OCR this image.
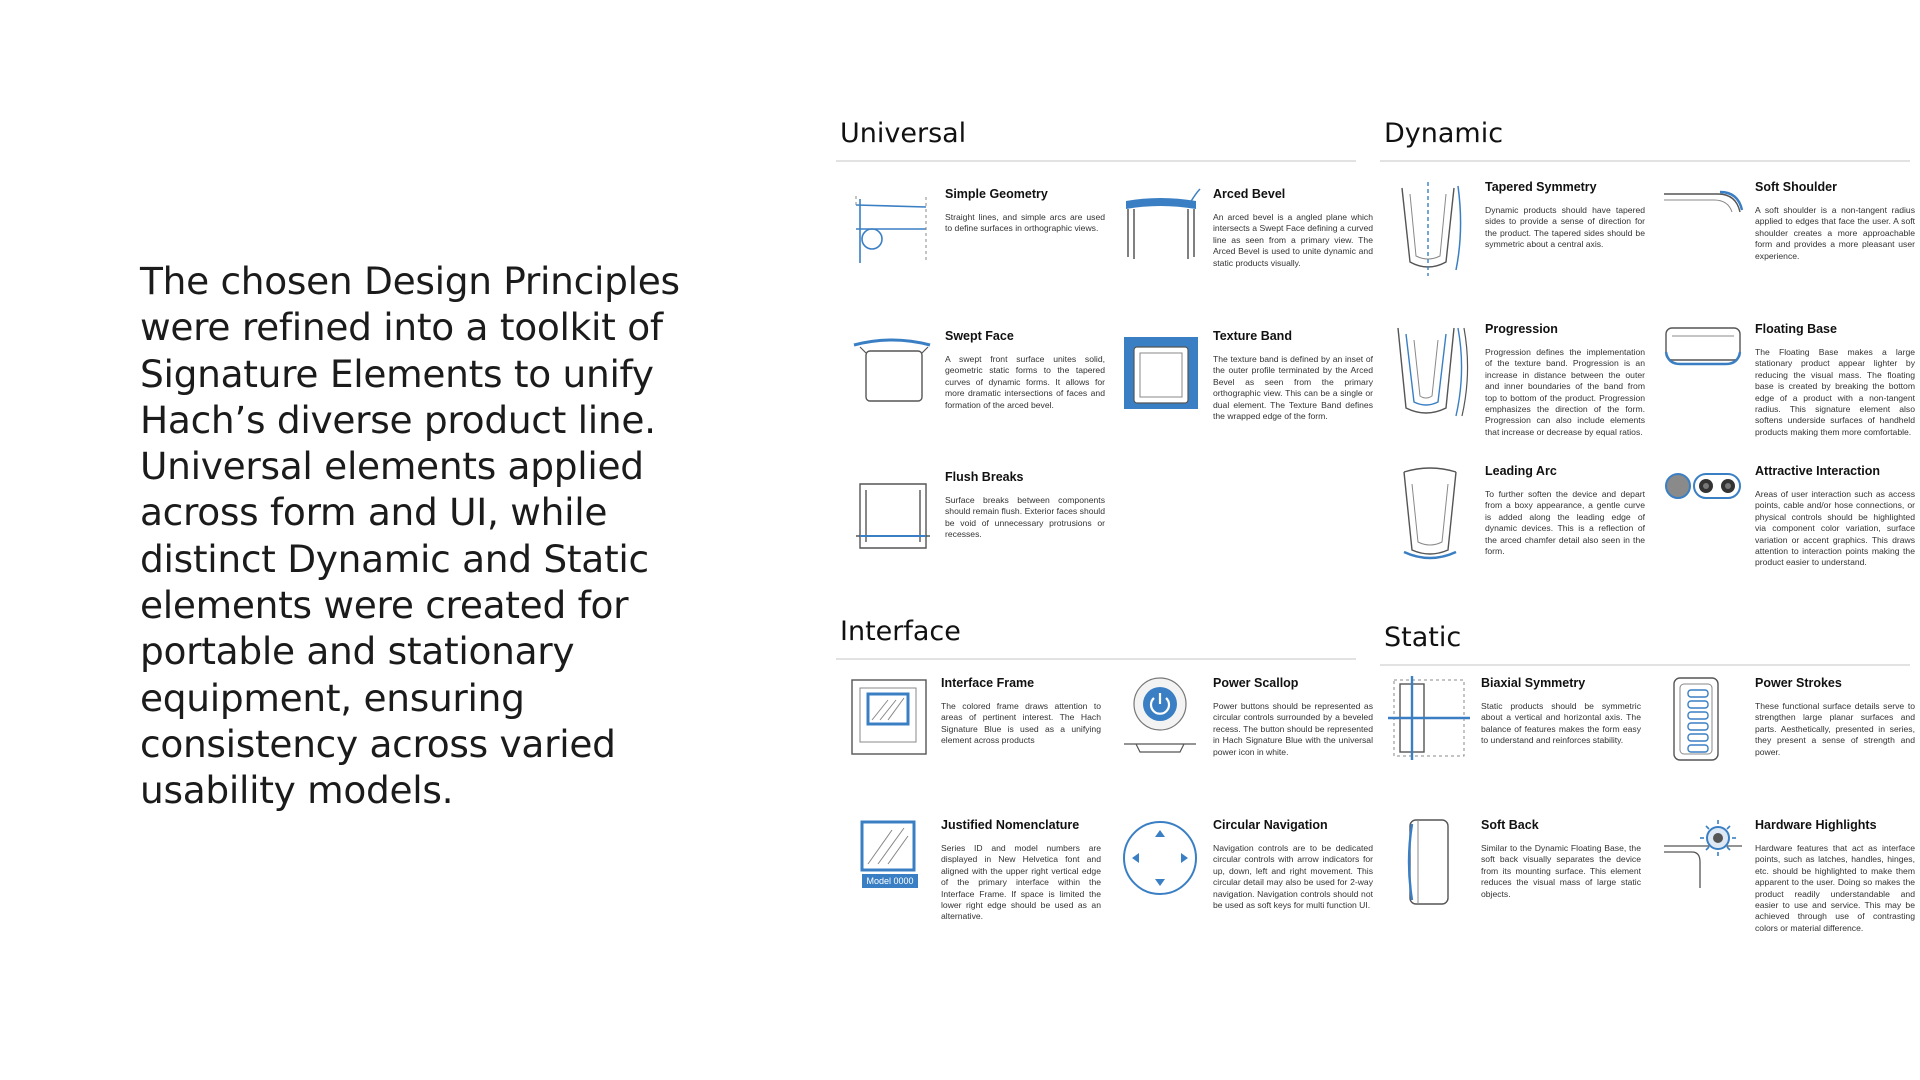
The chosen Design Principles were refined into a toolkit of Signature Elements to unify Hach’s diverse product line. Universal elements applied across form and UI, while distinct Dynamic and Static elements were created for portable and stationary equipment, ensuring consistency across varied usability models.
Universal
Simple Geometry
Straight lines, and simple arcs are used to define surfaces in orthographic views.
Arced Bevel
An arced bevel is a angled plane which intersects a Swept Face defining a curved line as seen from a primary view. The Arced Bevel is used to unite dynamic and static products visually.
Swept Face
A swept front surface unites solid, geometric static forms to the tapered curves of dynamic forms. It allows for more dramatic intersections of faces and formation of the arced bevel.
Texture Band
The texture band is defined by an inset of the outer profile terminated by the Arced Bevel as seen from the primary orthographic view. This can be a single or dual element. The Texture Band defines the wrapped edge of the form.
Flush Breaks
Surface breaks between components should remain flush. Exterior faces should be void of unnecessary protrusions or recesses.
Dynamic
Tapered Symmetry
Dynamic products should have tapered sides to provide a sense of direction for the product. The tapered sides should be symmetric about a central axis.
Soft Shoulder
A soft shoulder is a non-tangent radius applied to edges that face the user. A soft shoulder creates a more approachable form and provides a more pleasant user experience.
Progression
Progression defines the implementation of the texture band. Progression is an increase in distance between the outer and inner boundaries of the band from top to bottom of the product. Progression emphasizes the direction of the form. Progression can also include elements that increase or decrease by equal ratios.
Floating Base
The Floating Base makes a large stationary product appear lighter by reducing the visual mass. The floating base is created by breaking the bottom edge of a product with a non-tangent radius. This signature element also softens underside surfaces of handheld products making them more comfortable.
Leading Arc
To further soften the device and depart from a boxy appearance, a gentle curve is added along the leading edge of dynamic devices. This is a reflection of the arced chamfer detail also seen in the form.
Attractive Interaction
Areas of user interaction such as access points, cable and/or hose connections, or physical controls should be highlighted via component color variation, surface variation or accent graphics. This draws attention to interaction points making the product easier to understand.
Interface
Interface Frame
The colored frame draws attention to areas of pertinent interest. The Hach Signature Blue is used as a unifying element across products
Power Scallop
Power buttons should be represented as circular controls surrounded by a beveled recess. The button should be represented in Hach Signature Blue with the universal power icon in white.
Model 0000
Justified Nomenclature
Series ID and model numbers are displayed in New Helvetica font and aligned with the upper right vertical edge of the primary interface within the Interface Frame. If space is limited the lower right edge should be used as an alternative.
Circular Navigation
Navigation controls are to be dedicated circular controls with arrow indicators for up, down, left and right movement. This circular detail may also be used for 2-way navigation. Navigation controls should not be used as soft keys for multi function UI.
Static
Biaxial Symmetry
Static products should be symmetric about a vertical and horizontal axis. The balance of features makes the form easy to understand and reinforces stability.
Power Strokes
These functional surface details serve to strengthen large planar surfaces and parts. Aesthetically, presented in series, they present a sense of strength and power.
Soft Back
Similar to the Dynamic Floating Base, the soft back visually separates the device from its mounting surface. This element reduces the visual mass of large static objects.
Hardware Highlights
Hardware features that act as interface points, such as latches, handles, hinges, etc. should be highlighted to make them apparent to the user. Doing so makes the product readily understandable and easier to use and service. This may be achieved through use of contrasting colors or material difference.
